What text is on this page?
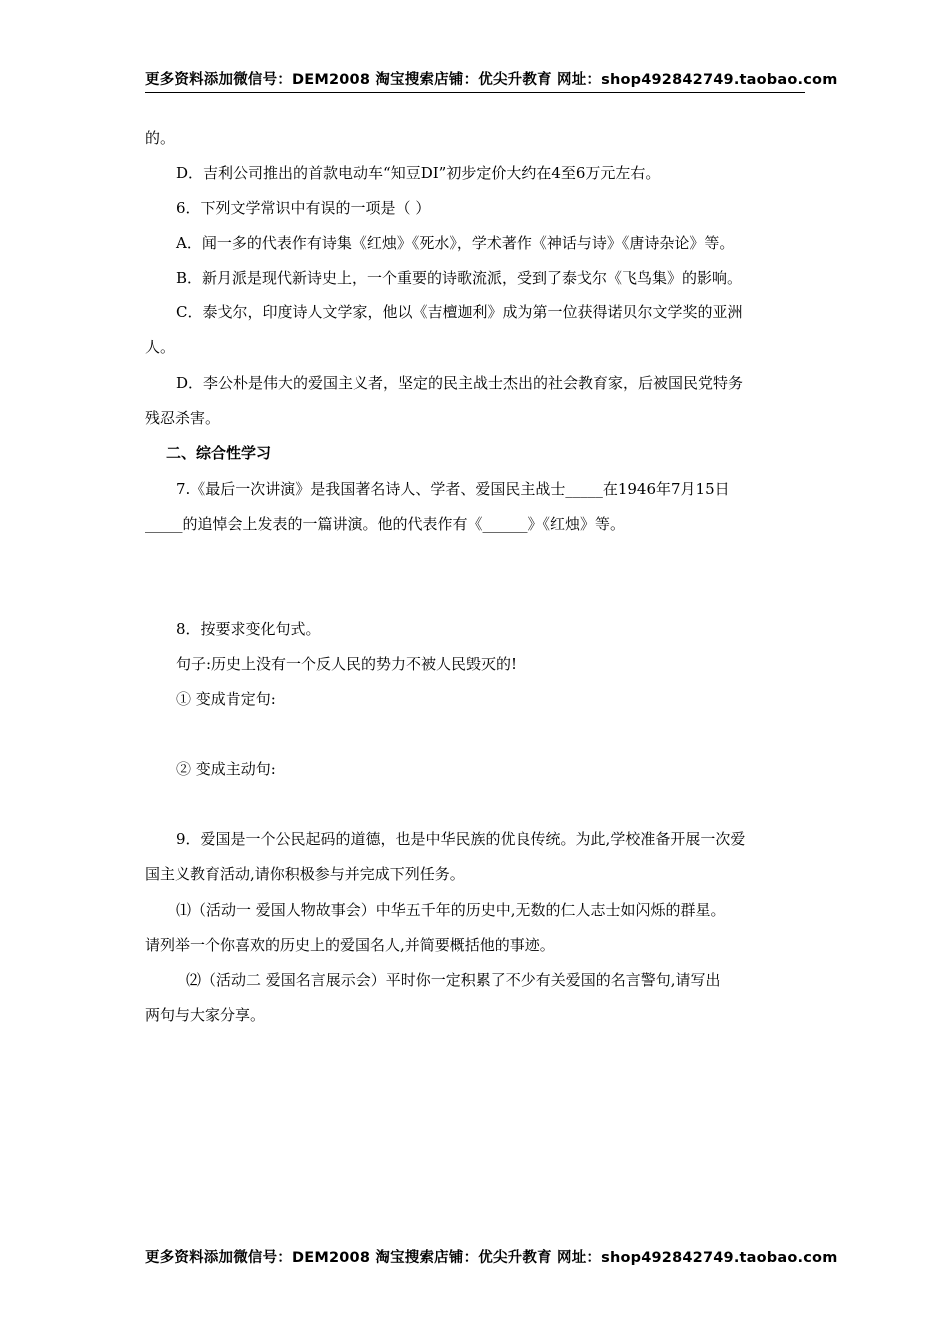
更多资料添加微信号：DEM2008 淘宝搜索店铺：优尖升教育 网址：shop492842749.taobao.com
的。
D．吉利公司推出的首款电动车“知豆DI”初步定价大约在4至6万元左右。
6．下列文学常识中有误的一项是（ ）
A．闻一多的代表作有诗集《红烛》《死水》，学术著作《神话与诗》《唐诗杂论》等。
B．新月派是现代新诗史上，一个重要的诗歌流派，受到了泰戈尔《飞鸟集》的影响。
C．泰戈尔，印度诗人文学家，他以《吉檀迦利》成为第一位获得诺贝尔文学奖的亚洲
人。
D．李公朴是伟大的爱国主义者，坚定的民主战士杰出的社会教育家，后被国民党特务
残忍杀害。
二、综合性学习
7.《最后一次讲演》是我国著名诗人、学者、爱国民主战士_____在1946年7月15日
_____的追悼会上发表的一篇讲演。他的代表作有《______》《红烛》等。
8．按要求变化句式。
句子:历史上没有一个反人民的势力不被人民毁灭的!
① 变成肯定句:
② 变成主动句:
9．爱国是一个公民起码的道德，也是中华民族的优良传统。为此,学校准备开展一次爱
国主义教育活动,请你积极参与并完成下列任务。
⑴（活动一 爱国人物故事会）中华五千年的历史中,无数的仁人志士如闪烁的群星。
请列举一个你喜欢的历史上的爱国名人,并简要概括他的事迹。
⑵（活动二 爱国名言展示会）平时你一定积累了不少有关爱国的名言警句,请写出
两句与大家分享。
更多资料添加微信号：DEM2008 淘宝搜索店铺：优尖升教育 网址：shop492842749.taobao.com
